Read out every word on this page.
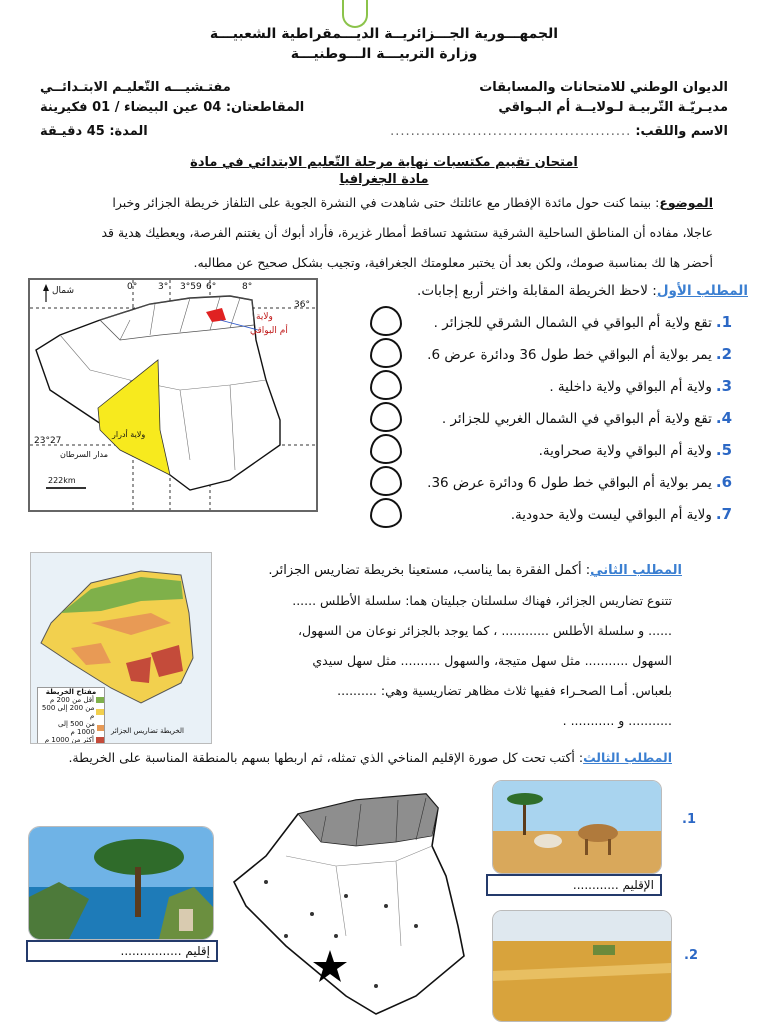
الجمهـــورية الجـــزائريــة الديـــمقراطية الشعبيـــة
وزارة التربيـــة الـــوطنيـــة
الديوان الوطني للامتحانات والمسابقات
مفتـشيـــه التّعليـم الابتـدائــي
مديـريّـة التّربيـة لـولايــة أم البـواقي
المقاطعتان: 04 عين البيضاء / 01 فكيرينة
الاسم واللقب:
...............................................
المدة: 45 دقيـقة
امتحان تقييم مكتسبات نهاية مرحلة التّعليم الابتدائي في مادة
مادة الجغرافيا
الموضوع: بينما كنت حول مائدة الإفطار مع عائلتك حتى شاهدت في النشرة الجوية على التلفاز خريطة الجزائر وخبرا
عاجلا، مفاده أن المناطق الساحلية الشرقية ستشهد تساقط أمطار غزيرة، فأراد أبوك أن يغتنم الفرصة، ويعطيك هدية قد
أحضر ها لك بمناسبة صومك، ولكن بعد أن يختبر معلومتك الجغرافية، وتجيب بشكل صحيح عن مطالبه.
شمال	0° 3° 3°59 6°	8°
36°
23°27
مدار السرطان
ولاية أدرار
ولاية
أم البواقي
222km
المطلب الأول: لاحظ الخريطة المقابلة واختر أربع إجابات.
1.تقع ولاية أم البواقي في الشمال الشرقي للجزائر .
2.يمر بولاية أم البواقي خط طول 36 ودائرة عرض 6.
3.ولاية أم البواقي ولاية داخلية .
4.تقع ولاية أم البواقي في الشمال الغربي للجزائر .
5.ولاية أم البواقي ولاية صحراوية.
6.يمر بولاية أم البواقي خط طول 6 ودائرة عرض 36.
7.ولاية أم البواقي ليست ولاية حدودية.
مفتاح الخريطة
أقل من 200 م
من 200 إلى 500 م
من 500 إلى 1000 م
أكثر من 1000 م
الخريطة تضاريس الجزائر
المطلب الثاني: أكمل الفقرة بما يناسب، مستعينا بخريطة تضاريس الجزائر.
تتنوع تضاريس الجزائر، فهناك سلسلتان جبليتان هما: سلسلة الأطلس ......
...... و سلسلة الأطلس ............ ، كما يوجد بالجزائر نوعان من السهول،
السهول ........... مثل سهل متيجة، والسهول .......... مثل سهل سيدي
بلعباس. أمـا الصحـراء ففيها ثلاث مظاهر تضاريسية وهي: ..........
........... و ........... .
المطلب الثالث: أكتب تحت كل صورة الإقليم المناخي الذي تمثله، ثم اربطها بسهم بالمنطقة المناسبة على الخريطة.
إقليم ................
الإقليم ............
.1
.2
